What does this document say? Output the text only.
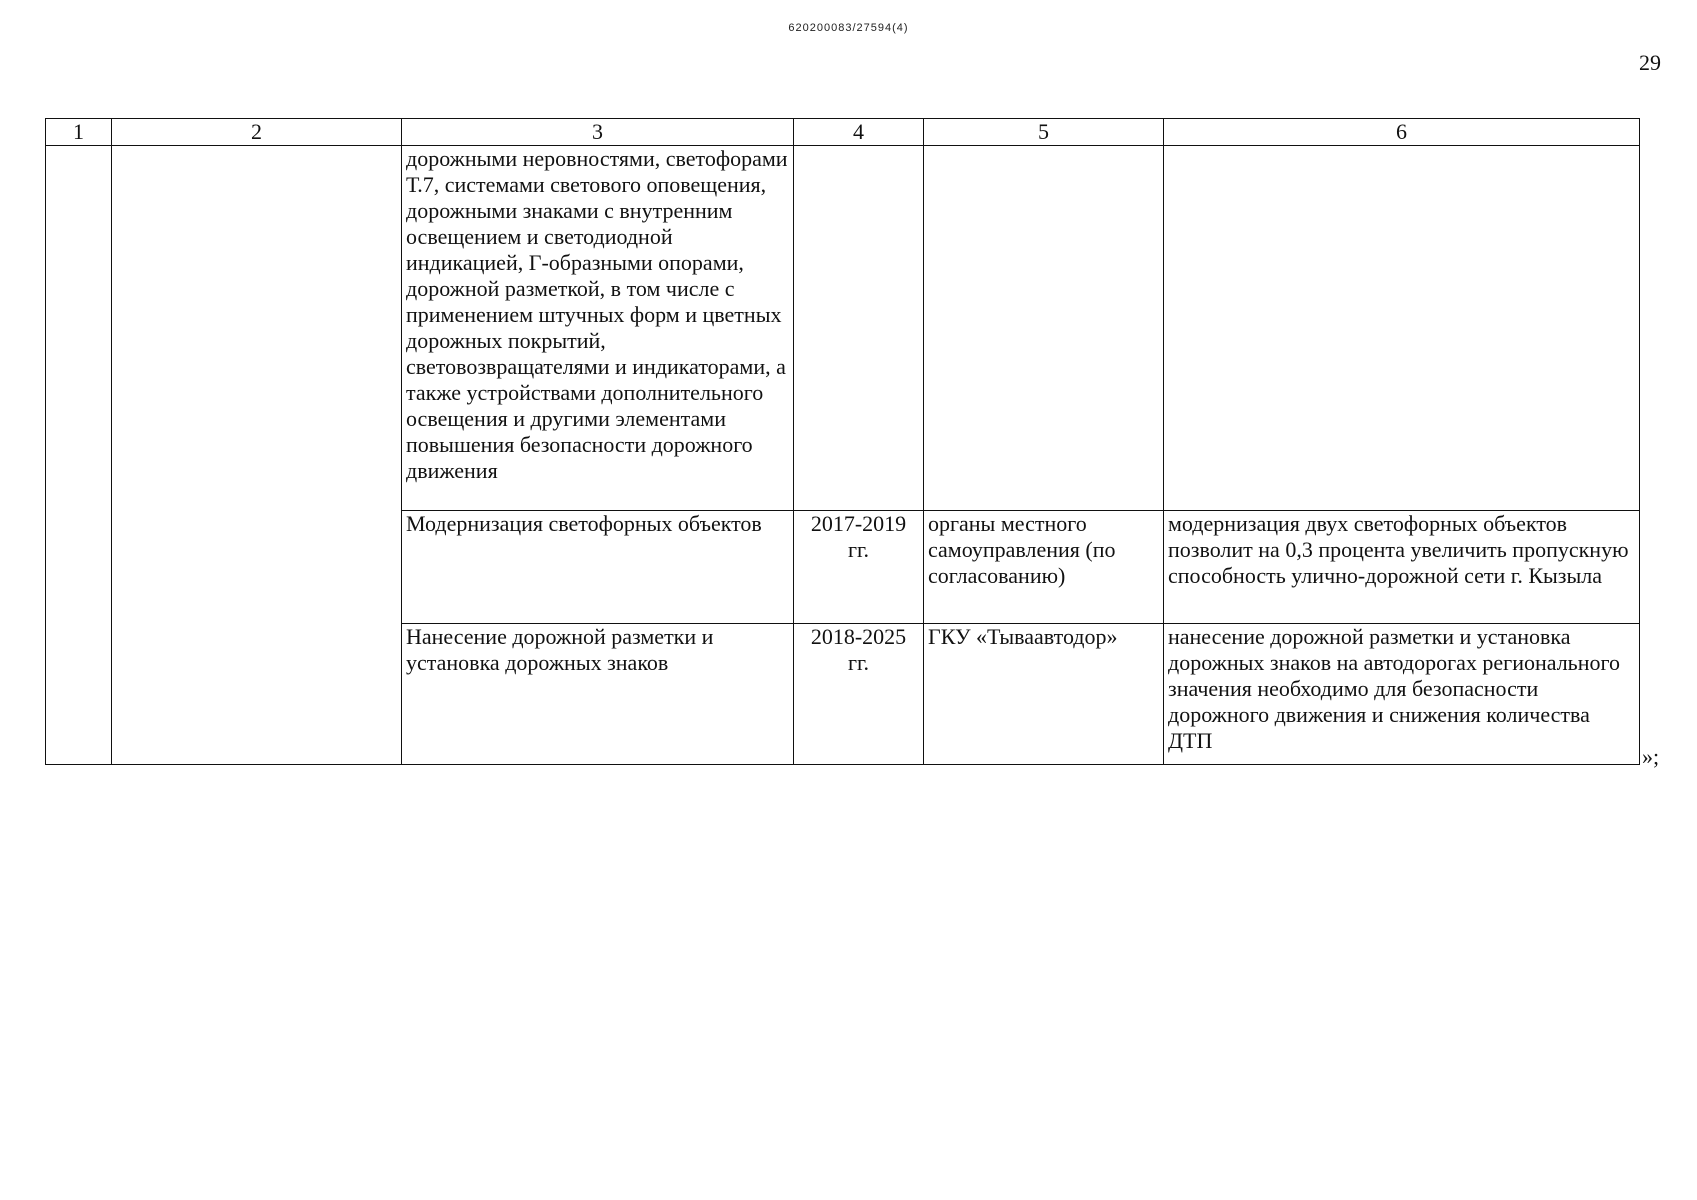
620200083/27594(4)
29
1	2	3	4	5	6
		дорожными неровностями, светофорами Т.7, системами светового оповещения, дорожными знаками с внутренним освещением и светодиодной индикацией, Г-образными опорами, дорожной разметкой, в том числе с применением штучных форм и цветных дорожных покрытий, световозвращателями и индикаторами, а также устройствами дополнительного освещения и другими элементами повышения безопасности дорожного движения			
		Модернизация светофорных объектов	2017-2019 гг.	органы местного самоуправления (по согласованию)	модернизация двух светофорных объектов позволит на 0,3 процента увеличить пропускную способность улично-дорожной сети г. Кызыла
		Нанесение дорожной разметки и установка дорожных знаков	2018-2025 гг.	ГКУ «Тываавтодор»	нанесение дорожной разметки и установка дорожных знаков на автодорогах регионального значения необходимо для безопасности дорожного движения и снижения количества ДТП
»;
